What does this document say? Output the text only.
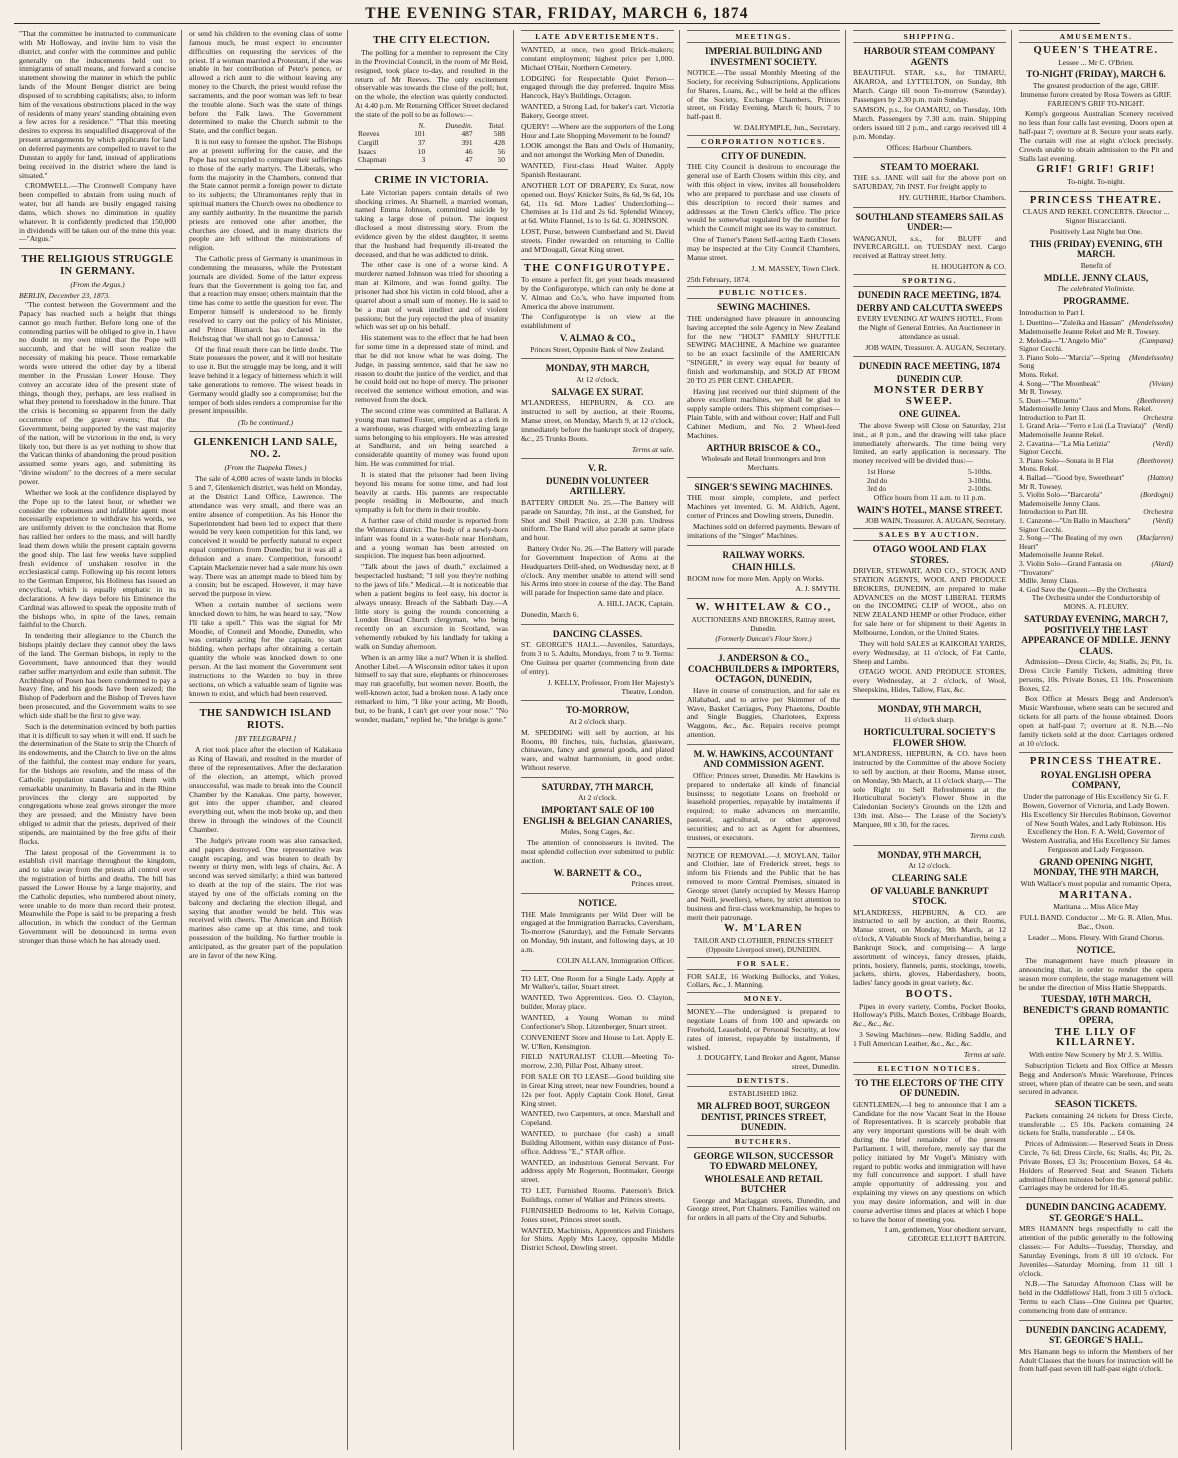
THE EVENING STAR, FRIDAY, MARCH 6, 1874

"That the committee be instructed to communicate with Mr Holloway, and invite him to visit the district, and confer with the committee and public generally on the inducements held out to immigrants of small means, and forward a concise statement showing the manner in which the public lands of the Mount Benger district are being disposed of to scrubbing capitalists; also, to inform him of the vexatious obstructions placed in the way of residents of many years' standing obtaining even a few acres for a residence." "That this meeting desires to express its unqualified disapproval of the present arrangements by which applicants for land on deferred payments are compelled to travel to the Dunstan to apply for land, instead of applications being received in the district where the land is situated."

CROMWELL.—The Cromwell Company have been compelled to abstain from using much of water, but all hands are busily engaged raising dams, which shows no diminution in quality whatever. It is confidently predicted that 150,000 in dividends will be taken out of the mine this year.—"Argus."

THE RELIGIOUS STRUGGLE IN GERMANY.
(From the Argus.)

BERLIN, December 23, 1873.

"The contest between the Government and the Papacy has reached such a height that things cannot go much further. Before long one of the contending parties will be obliged to give in. I have no doubt in my own mind that the Pope will succumb, and that he will soon realize the necessity of making his peace. Those remarkable words were uttered the other day by a liberal member in the Prussian Lower House. They convey an accurate idea of the present state of things, though they, perhaps, are less realised in what they pretend to foreshadow in the future. That the crisis is becoming so apparent from the daily occurrence of the graver events; that the Government, being supported by the vast majority of the nation, will be victorious in the end, is very likely too, but there is as yet nothing to show that the Vatican thinks of abandoning the proud position assumed some years ago, and submitting its "divine wisdom" to the decrees of a mere secular power.

Whether we look at the confidence displayed by the Pope up to the latest hour, or whether we consider the robustness and infallible agent most necessarily experience to withdraw his words, we are uniformly driven to the conclusion that Rome has rallied her orders to the mass, and will hardly lead them down while the present captain governs the good ship. The last few weeks have supplied fresh evidence of unshaken resolve in the ecclesiastical camp. Following up his recent letters to the German Emperor, his Holiness has issued an encyclical, which is equally emphatic in its declarations. A few days before his Eminence the Cardinal was allowed to speak the opposite truth of the bishops who, in spite of the laws, remain faithful to the Church.

In tendering their allegiance to the Church the bishops plainly declare they cannot obey the laws of the land. The German bishops, in reply to the Government, have announced that they would rather suffer martyrdom and exile than submit. The Archbishop of Posen has been condemned to pay a heavy fine, and his goods have been seized; the Bishop of Paderborn and the Bishop of Treves have been prosecuted, and the Government waits to see which side shall be the first to give way.

Such is the determination evinced by both parties that it is difficult to say when it will end. If such be the determination of the State to strip the Church of its endowments, and the Church to live on the alms of the faithful, the contest may endure for years, for the bishops are resolute, and the mass of the Catholic population stands behind them with remarkable unanimity. In Bavaria and in the Rhine provinces the clergy are supported by congregations whose zeal grows stronger the more they are pressed; and the Ministry have been obliged to admit that the priests, deprived of their stipends, are maintained by the free gifts of their flocks.

The latest proposal of the Government is to establish civil marriage throughout the kingdom, and to take away from the priests all control over the registration of births and deaths. The bill has passed the Lower House by a large majority, and the Catholic deputies, who numbered about ninety, were unable to do more than record their protest. Meanwhile the Pope is said to be preparing a fresh allocution, in which the conduct of the German Government will be denounced in terms even stronger than those which he has already used.

or send his children to the evening class of some famous much, he must expect to encounter difficulties on requesting the services of the priest. If a woman married a Protestant, if she was unable in her contribution of Peter's pence, or allowed a rich aunt to die without leaving any money to the Church, the priest would refuse the sacraments, and the poor woman was left to bear the trouble alone. Such was the state of things before the Falk laws. The Government determined to make the Church submit to the State, and the conflict began.

It is not easy to foresee the upshot. The Bishops are at present suffering for the cause, and the Pope has not scrupled to compare their sufferings to those of the early martyrs. The Liberals, who form the majority in the Chambers, contend that the State cannot permit a foreign power to dictate to its subjects; the Ultramontanes reply that in spiritual matters the Church owes no obedience to any earthly authority. In the meantime the parish priests are removed one after another, the churches are closed, and in many districts the people are left without the ministrations of religion.

The Catholic press of Germany is unanimous in condemning the measures, while the Protestant journals are divided. Some of the latter express fears that the Government is going too far, and that a reaction may ensue; others maintain that the time has come to settle the question for ever. The Emperor himself is understood to be firmly resolved to carry out the policy of his Minister, and Prince Bismarck has declared in the Reichstag that 'we shall not go to Canossa.'

Of the final result there can be little doubt. The State possesses the power, and it will not hesitate to use it. But the struggle may be long, and it will leave behind it a legacy of bitterness which it will take generations to remove. The wisest heads in Germany would gladly see a compromise; but the temper of both sides renders a compromise for the present impossible.

(To be continued.)
GLENKENICH LAND SALE, NO. 2.
(From the Tuapeka Times.)

The sale of 4,080 acres of waste lands in blocks 5 and 7, Glenkenich district, was held on Monday, at the District Land Office, Lawrence. The attendance was very small, and there was an entire absence of competition. As his Honor the Superintendent had been led to expect that there would be very keen competition for this land, we conceived it would be perfectly natural to expect equal competitors from Dunedin; but it was all a delusion and a snare. Competition, forsooth! Captain Mackenzie never had a sale more his own way. There was an attempt made to bleed him by a cousin; but he escaped. However, it may have served the purpose in view.

When a certain number of sections were knocked down to him, he was heard to say, "Now I'll take a spell." This was the signal for Mr Moodie, of Conneil and Moodie, Dunedin, who was certainly acting for the captain, to start bidding, when perhaps after obtaining a certain quantity the whole was knocked down to one person. At the last moment the Government sent instructions to the Warden to buy in three sections, on which a valuable seam of lignite was known to exist, and which had been reserved.

THE SANDWICH ISLAND RIOTS.
[BY TELEGRAPH.]

A riot took place after the election of Kalakaua as King of Hawaii, and resulted in the murder of three of the representatives. After the declaration of the election, an attempt, which proved unsuccessful, was made to break into the Council Chamber by the Kanakas. One party, however, got into the upper chamber, and cleared everything out, when the mob broke up, and then threw in through the windows of the Council Chamber.

The Judge's private room was also ransacked, and papers destroyed. One representative was caught escaping, and was beaten to death by twenty or thirty men, with legs of chairs, &c. A second was served similarly; a third was battered to death at the top of the stairs. The riot was stayed by one of the officials coming on the balcony and declaring the election illegal, and saying that another would be held. This was received with cheers. The American and British marines also came up at this time, and took possession of the building. No further trouble is anticipated, as the greater part of the population are in favor of the new King.

THE CITY ELECTION.

The polling for a member to represent the City in the Provincial Council, in the room of Mr Reid, resigned, took place to-day, and resulted in the return of Mr Reeves. The only excitement observable was towards the close of the poll; but, on the whole, the election was quietly conducted. At 4.40 p.m. Mr Returning Officer Street declared the state of the poll to be as follows:—

	N.	Dunedin.	Total.
Reeves	101	487	588
Cargill	37	391	428
Isaacs	10	46	56
Chapman	3	47	50
CRIME IN VICTORIA.

Late Victorian papers contain details of two shocking crimes. At Sharnell, a married woman, named Emma Johnson, committed suicide by taking a large dose of poison. The inquest disclosed a most distressing story. From the evidence given by the eldest daughter, it seems that the husband had frequently ill-treated the deceased, and that he was addicted to drink.

The other case is one of a worse kind. A murderer named Johnson was tried for shooting a man at Kilmore, and was found guilty. The prisoner had shot his victim in cold blood, after a quarrel about a small sum of money. He is said to be a man of weak intellect and of violent passions; but the jury rejected the plea of insanity which was set up on his behalf.

His statement was to the effect that he had been for some time in a depressed state of mind, and that he did not know what he was doing. The Judge, in passing sentence, said that he saw no reason to doubt the justice of the verdict, and that he could hold out no hope of mercy. The prisoner received the sentence without emotion, and was removed from the dock.

The second crime was committed at Ballarat. A young man named Foster, employed as a clerk in a warehouse, was charged with embezzling large sums belonging to his employers. He was arrested at Sandhurst, and on being searched a considerable quantity of money was found upon him. He was committed for trial.

It is stated that the prisoner had been living beyond his means for some time, and had lost heavily at cards. His parents are respectable people residing in Melbourne, and much sympathy is felt for them in their trouble.

A further case of child murder is reported from the Wimmera district. The body of a newly-born infant was found in a water-hole near Horsham, and a young woman has been arrested on suspicion. The inquest has been adjourned.

"Talk about the jaws of death," exclaimed a bespectacled husband; "I tell you they're nothing to the jaws of life." Medical.—It is noticeable that when a patient begins to feel easy, his doctor is always uneasy. Breach of the Sabbath Day.—A little story is going the rounds concerning a London Broad Church clergyman, who being recently on an excursion in Scotland, was vehemently rebuked by his landlady for taking a walk on Sunday afternoon.

When is an army like a nut? When it is shelled. Another Libel.—A Wisconsin editor takes it upon himself to say that sure, elephants or rhinoceroses may run gracefully, but women never. Booth, the well-known actor, had a broken nose. A lady once remarked to him, "I like your acting, Mr Booth, but, to be frank, I can't get over your nose." "No wonder, madam," replied he, "the bridge is gone."

LATE ADVERTISEMENTS.

WANTED, at once, two good Brick-makers; constant employment; highest price per 1,000. Michael O'Hair, Northern Cemetery.

LODGING for Respectable Quiet Person—engaged through the day preferred. Inquire Miss Hancock, Hay's Buildings, Octagon.

WANTED, a Strong Lad, for baker's cart. Victoria Bakery, George street.

QUERY! —Where are the supporters of the Long Hour and Late Shopping Movement to be found?

LOOK amongst the Bats and Owls of Humanity, and not amongst the Working Men of Dunedin.

WANTED, First-class Head Waiter. Apply Spanish Restaurant.

ANOTHER LOT OF DRAPERY, Ex Surat, now opened out. Boys' Knicker Suits, 8s 6d, 9s 6d, 10s 6d, 11s 6d. More Ladies' Underclothing—Chemises at 1s 11d and 2s 6d. Splendid Wincey, at 6d. White Flannel, 1s to 1s 6d. G. JOHNSON.

LOST, Purse, between Cumberland and St. David streets. Finder rewarded on returning to Collie and M'Dougall, Great King street.

THE CONFIGUROTYPE.

To ensure a perfect fit, get your heads measured by the Configurotype, which can only be done at V. Almao and Co.'s, who have imported from America the above instrument.

The Configurotype is on view at the establishment of

V. ALMAO & CO.,

Princes Street, Opposite Bank of New Zealand.

MONDAY, 9TH MARCH,

At 12 o'clock,

SALVAGE EX SURAT.

M'LANDRESS, HEPBURN, & CO. are instructed to sell by auction, at their Rooms, Manse street, on Monday, March 9, at 12 o'clock, immediately before the bankrupt stock of drapery, &c., 25 Trunks Boots.

Terms at sale.

V. R.
DUNEDIN VOLUNTEER ARTILLERY.

BATTERY ORDER No. 25.—The Battery will parade on Saturday, 7th inst., at the Gunshed, for Shot and Shell Practice, at 2.30 p.m. Undress uniform. The Band will also parade at same place and hour.

Battery Order No. 26.—The Battery will parade for Government Inspection of Arms at the Headquarters Drill-shed, on Wednesday next, at 8 o'clock. Any member unable to attend will send his Arms into store in course of the day. The Band will parade for Inspection same date and place.

A. HILL JACK, Captain.

Dunedin, March 6.

DANCING CLASSES.

ST. GEORGE'S HALL.—Juveniles, Saturdays, from 3 to 5. Adults, Mondays, from 7 to 9. Terms: One Guinea per quarter (commencing from date of entry).

J. KELLY, Professor, From Her Majesty's Theatre, London.

TO-MORROW,

At 2 o'clock sharp.

M. SPEDDING will sell by auction, at his Rooms, 80 finches, tuis, fuchsias, glassware, chinaware, fancy and general goods, and plated ware, and walnut harmonium, in good order. Without reserve.

SATURDAY, 7TH MARCH,

At 2 o'clock.

IMPORTANT SALE OF 100 ENGLISH & BELGIAN CANARIES,

Mules, Song Cages, &c.

The attention of connoisseurs is invited. The most splendid collection ever submitted to public auction.

W. BARNETT & CO.,

Princes street.

NOTICE.

THE Male Immigrants per Wild Deer will be engaged at the Immigration Barracks, Caversham, To-morrow (Saturday), and the Female Servants on Monday, 9th instant, and following days, at 10 a.m.

COLIN ALLAN, Immigration Officer.

TO LET, One Room for a Single Lady. Apply at Mr Walker's, tailor, Stuart street.

WANTED, Two Apprentices. Geo. O. Clayton, builder, Moray place.

WANTED, a Young Woman to mind Confectioner's Shop. Litzenberger, Stuart street.

CONVENIENT Store and House to Let. Apply E. W. U'Ren, Kensington.

FIELD NATURALIST CLUB.—Meeting To-morrow, 2.30, Pillar Post, Albany street.

FOR SALE OR TO LEASE—Good building site in Great King street, near new Foundries, bound a 12s per foot. Apply Captain Cook Hotel, Great King street.

WANTED, two Carpenters, at once. Marshall and Copeland.

WANTED, to purchase (for cash) a small Building Allotment, within easy distance of Post-office. Address "E.," STAR office.

WANTED, an industrious General Servant. For address apply Mr Rogerson, Bootmaker, George street.

TO LET, Furnished Rooms. Paterson's Brick Buildings, corner of Walker and Princes streets.

FURNISHED Bedrooms to let, Kelvin Cottage, Jones street, Princes street south.

WANTED, Machinists, Apprentices and Finishers for Shirts. Apply Mrs Lacey, opposite Middle District School, Dowling street.

MEETINGS.
IMPERIAL BUILDING AND INVESTMENT SOCIETY.

NOTICE.—The usual Monthly Meeting of the Society, for receiving Subscriptions, Applications for Shares, Loans, &c., will be held at the offices of the Society, Exchange Chambers, Princes street, on Friday Evening, March 6; hours, 7 to half-past 8.

W. DALRYMPLE, Jun., Secretary.

CORPORATION NOTICES.
CITY OF DUNEDIN.

THE City Council is desirous to encourage the general use of Earth Closets within this city, and with this object in view, invites all householders who are prepared to purchase and use closets of this description to record their names and addresses at the Town Clerk's office. The price would be somewhat regulated by the number for which the Council might see its way to construct.

One of Turner's Patent Self-acting Earth Closets may be inspected at the City Council Chambers, Manse street.

J. M. MASSEY, Town Clerk.

25th February, 1874.

PUBLIC NOTICES.
SEWING MACHINES.

THE undersigned have pleasure in announcing having accepted the sole Agency in New Zealand for the new "HOLT" FAMILY SHUTTLE SEWING MACHINE, A Machine we guarantee to be an exact facsimile of the AMERICAN "SINGER," in every way equal for beauty of finish and workmanship, and SOLD AT FROM 20 TO 25 PER CENT. CHEAPER.

Having just received our third shipment of the above excellent machines, we shall be glad to supply sample orders. This shipment comprises—Plain Table, with and without cover; Half and Full Cabinet Medium, and No. 2 Wheel-feed Machines.

ARTHUR BRISCOE & CO.,

Wholesale and Retail Ironmongers and Iron Merchants.

SINGER'S SEWING MACHINES.

THE most simple, complete, and perfect Machines yet invented. G. M. Aldrich, Agent, corner of Princes and Dowling streets, Dunedin.

Machines sold on deferred payments. Beware of imitations of the "Singer" Machines.

RAILWAY WORKS.
CHAIN HILLS.

ROOM now for more Men. Apply on Works.

A. J. SMYTH.

W. WHITELAW & CO.,

AUCTIONEERS AND BROKERS, Rattray street, Dunedin.

(Formerly Duncan's Flour Store.)

J. ANDERSON & CO., COACHBUILDERS & IMPORTERS, OCTAGON, DUNEDIN,

Have in course of construction, and for sale ex Allahabad, and to arrive per Skimmer of the Wave, Basket Carriages, Pony Phaetons, Double and Single Buggies, Chariotees, Express Waggons, &c., &c. Repairs receive prompt attention.

M. W. HAWKINS, ACCOUNTANT AND COMMISSION AGENT.

Office: Princes street, Dunedin. Mr Hawkins is prepared to undertake all kinds of financial business; to negotiate Loans on freehold or leasehold properties, repayable by instalments if required; to make advances on mercantile, pastoral, agricultural, or other approved securities; and to act as Agent for absentees, trustees, or executors.

NOTICE OF REMOVAL.—J. MOYLAN, Tailor and Clothier, late of Frederick street, begs to inform his Friends and the Public that he has removed to more Central Premises, situated in George street (lately occupied by Messrs Harrop and Neill, jewellers), where, by strict attention to business and first-class workmanship, he hopes to merit their patronage.

W. M'LAREN

TAILOR AND CLOTHIER, PRINCES STREET (Opposite Liverpool street), DUNEDIN.

FOR SALE.

FOR SALE, 16 Working Bullocks, and Yokes, Collars, &c., J. Manning.

MONEY.

MONEY.—The undersigned is prepared to negotiate Loans of from 100 and upwards on Freehold, Leasehold, or Personal Security, at low rates of interest, repayable by instalments, if wished.

J. DOUGHTY, Land Broker and Agent, Manse street, Dunedin.

DENTISTS.

ESTABLISHED 1862.

MR ALFRED BOOT, SURGEON DENTIST, PRINCES STREET, DUNEDIN.
BUTCHERS.
GEORGE WILSON, SUCCESSOR TO EDWARD MELONEY,
WHOLESALE AND RETAIL BUTCHER

George and Maclaggan streets, Dunedin, and George street, Port Chalmers. Families waited on for orders in all parts of the City and Suburbs.

SHIPPING.
HARBOUR STEAM COMPANY AGENTS

BEAUTIFUL STAR, s.s., for TIMARU, AKAROA, and LYTTELTON, on Sunday, 8th March. Cargo till noon To-morrow (Saturday). Passengers by 2.30 p.m. train Sunday.

SAMSON, p.s., for OAMARU, on Tuesday, 10th March. Passengers by 7.30 a.m. train. Shipping orders issued till 2 p.m., and cargo received till 4 p.m. Monday.

Offices: Harbour Chambers.

STEAM TO MOERAKI.

THE s.s. JANE will sail for the above port on SATURDAY, 7th INST. For freight apply to

HY. GUTHRIE, Harbor Chambers.

SOUTHLAND STEAMERS SAIL AS UNDER:—

WANGANUI, s.s., for BLUFF and INVERCARGILL on TUESDAY next. Cargo received at Rattray street Jetty.

H. HOUGHTON & CO.

SPORTING.
DUNEDIN RACE MEETING, 1874.
DERBY AND CALCUTTA SWEEPS

EVERY EVENING AT WAIN'S HOTEL, From the Night of General Entries. An Auctioneer in attendance as usual.

JOB WAIN, Treasurer. A. AUGAN, Secretary.

DUNEDIN RACE MEETING, 1874
DUNEDIN CUP.
MONSTER DERBY SWEEP.
ONE GUINEA.

The above Sweep will Close on Saturday, 21st inst., at 8 p.m., and the drawing will take place immediately afterwards. The time being very limited, an early application is necessary. The money received will be divided thus:—

1st Horse	5-10ths.
2nd do	3-10ths.
3rd do	2-10ths.

Office hours from 11 a.m. to 11 p.m.

WAIN'S HOTEL, MANSE STREET.

JOB WAIN, Treasurer. A. AUGAN, Secretary.

SALES BY AUCTION.
OTAGO WOOL AND FLAX STORES.

DRIVER, STEWART, AND CO., STOCK AND STATION AGENTS, WOOL AND PRODUCE BROKERS, DUNEDIN, are prepared to make ADVANCES on the MOST LIBERAL TERMS on the INCOMING CLIP of WOOL, also on NEW ZEALAND HEMP or other Produce, either for sale here or for shipment to their Agents in Melbourne, London, or the United States.

They will hold SALES at KAIKORAI YARDS, every Wednesday, at 11 o'clock, of Fat Cattle, Sheep and Lambs.

OTAGO WOOL AND PRODUCE STORES, every Wednesday, at 2 o'clock, of Wool, Sheepskins, Hides, Tallow, Flax, &c.

MONDAY, 9TH MARCH,

11 o'clock sharp.

HORTICULTURAL SOCIETY'S FLOWER SHOW.

M'LANDRESS, HEPBURN, & CO. have been instructed by the Committee of the above Society to sell by auction, at their Rooms, Manse street, on Monday, 9th March, at 11 o'clock sharp,— The sole Right to Sell Refreshments at the Horticultural Society's Flower Show in the Caledonian Society's Grounds on the 12th and 13th inst. Also— The Lease of the Society's Marquee, 80 x 30, for the races.

Terms cash.

MONDAY, 9TH MARCH,

At 12 o'clock.

CLEARING SALE
OF VALUABLE BANKRUPT STOCK.

M'LANDRESS, HEPBURN, & CO. are instructed to sell by auction, at their Rooms, Manse street, on Monday, 9th March, at 12 o'clock, A Valuable Stock of Merchandise, being a Bankrupt Stock, and comprising— A large assortment of winceys, fancy dresses, plaids, prints, hosiery, flannels, pants, stockings, towels, jackets, shirts, gloves, Haberdashery, boots, ladies' fancy goods in great variety, &c.

BOOTS.

Pipes in every variety, Combs, Pocket Books, Holloway's Pills, Match Boxes, Cribbage Boards, &c., &c., &c.

3 Sewing Machines—new. Riding Saddle, and 1 Full American Leather, &c., &c., &c.

Terms at sale.

ELECTION NOTICES.
TO THE ELECTORS OF THE CITY OF DUNEDIN.

GENTLEMEN,—I beg to announce that I am a Candidate for the now Vacant Seat in the House of Representatives. It is scarcely probable that any very important questions will be dealt with during the brief remainder of the present Parliament. I will, therefore, merely say that the policy initiated by Mr Vogel's Ministry with regard to public works and immigration will have my full concurrence and support. I shall have ample opportunity of addressing you and explaining my views on any questions on which you may desire information, and will in due course advertise times and places at which I hope to have the honor of meeting you.

I am, gentlemen, Your obedient servant, GEORGE ELLIOTT BARTON.

AMUSEMENTS.
QUEEN'S THEATRE.

Lessee ... Mr C. O'Brien.

TO-NIGHT (FRIDAY), MARCH 6.

The greatest production of the age, GRIF. Immense furore created by Rosa Towers as GRIF. FARJEON'S GRIF TO-NIGHT.

Kemp's gorgeous Australian Scenery received no less than four calls last evening. Doors open at half-past 7; overture at 8. Secure your seats early. The curtain will rise at eight o'clock precisely. Crowds unable to obtain admission to the Pit and Stalls last evening.

GRIF! GRIF! GRIF!

To-night. To-night.

PRINCESS THEATRE.

CLAUS AND REKEL CONCERTS. Director ... Signor Biscaccianti.

Positively Last Night but One.

THIS (FRIDAY) EVENING, 6TH MARCH.

Benefit of

MDLLE. JENNY CLAUS,

The celebrated Violiniste.

PROGRAMME.

Introduction to Part I.

1. Duettino—"Zuleika and Hassan" (Mendelssohn)
Mademoiselle Jeanne Rekel and Mr R. Towsey.
2. Melodia—"L'Angelo Mio"	(Campana)
Signor Cecchi.
3. Piano Solo—"Marcia"—Spring Song
(Mendelssohn)
Mons. Rekel.
4. Song—"The Moonbeak"	(Vivian)
Mr R. Towsey.
5. Duet—"Minuetto"	(Beethoven)
Mademoiselle Jenny Claus and Mons. Rekel.
Introduction to Part II.	Orchestra
1. Grand Aria—"Ferro e Lui (La Traviata)" (Verdi)
Mademoiselle Jeanne Rekel.
2. Cavatina—"La Mia Letizia"	(Verdi)
Signor Cecchi.
3. Piano Solo—Sonata in B Flat	(Beethoven)
Mons. Rekel.
4. Ballad—"Good bye, Sweetheart"	(Hatton)
Mr R. Towsey.
5. Violin Solo—"Barcarola"	(Bordogni)
Mademoiselle Jenny Claus.
Introduction to Part III.	Orchestra
1. Canzone—"Un Ballo in Maschera"	(Verdi)
Signor Cecchi.
2. Song—"The Beating of my own Heart"
(Macfarren)
Mademoiselle Jeanne Rekel.
3. Violin Solo—Grand Fantasia on "Trovatore"
(Alard)
Mdlle. Jenny Claus.
4. God Save the Queen.—By the Orchestra

The Orchestra under the Conductorship of MONS. A. FLEURY.

SATURDAY EVENING, MARCH 7, POSITIVELY THE LAST APPEARANCE OF MDLLE. JENNY CLAUS.

Admission—Dress Circle, 4s; Stalls, 2s; Pit, 1s. Dress Circle Family Tickets, admitting three persons, 10s. Private Boxes, £1 10s. Proscenium Boxes, £2.

Box Office at Messrs Begg and Anderson's Music Warehouse, where seats can be secured and tickets for all parts of the house obtained. Doors open at half-past 7; overture at 8. N.B.—No family tickets sold at the door. Carriages ordered at 10 o'clock.

PRINCESS THEATRE.
ROYAL ENGLISH OPERA COMPANY,

Under the patronage of His Excellency Sir G. F. Bowen, Governor of Victoria, and Lady Bowen. His Excellency Sir Hercules Robinson, Governor of New South Wales, and Lady Robinson. His Excellency the Hon. F. A. Weld, Governor of Western Australia, and His Excellency Sir James Fergusson and Lady Fergusson.

GRAND OPENING NIGHT, MONDAY, THE 9TH MARCH,

With Wallace's most popular and romantic Opera,

MARITANA.

Maritana ... Miss Alice May

FULL BAND. Conductor ... Mr G. R. Allen, Mus. Bac., Oxon.

Leader ... Mons. Fleury. With Grand Chorus.

NOTICE.

The management have much pleasure in announcing that, in order to render the opera season more complete, the stage management will be under the direction of Miss Hattie Sheppards.

TUESDAY, 10TH MARCH, BENEDICT'S GRAND ROMANTIC OPERA,
THE LILY OF KILLARNEY.

With entire New Scenery by Mr J. S. Willis.

Subscription Tickets and Box Office at Messrs Begg and Anderson's Music Warehouse, Princes street, where plan of theatre can be seen, and seats secured in advance.

SEASON TICKETS.

Packets containing 24 tickets for Dress Circle, transferable ... £5 10s. Packets containing 24 tickets for Stalls, transferable ... £4 0s.

Prices of Admission:— Reserved Seats in Dress Circle, 7s 6d; Dress Circle, 6s; Stalls, 4s; Pit, 2s. Private Boxes, £3 3s; Proscenium Boxes, £4 4s. Holders of Reserved Seat and Season Tickets admitted fifteen minutes before the general public. Carriages may be ordered for 10.45.

DUNEDIN DANCING ACADEMY. ST. GEORGE'S HALL.

MRS HAMANN begs respectfully to call the attention of the public generally to the following classes:— For Adults—Tuesday, Thursday, and Saturday Evenings, from 8 till 10 o'clock. For Juveniles—Saturday Morning, from 11 till 1 o'clock.

N.B.—The Saturday Afternoon Class will be held in the Oddfellows' Hall, from 3 till 5 o'clock. Terms to each Class—One Guinea per Quarter, commencing from date of entrance.

DUNEDIN DANCING ACADEMY, ST. GEORGE'S HALL.

Mrs Hamann begs to inform the Members of her Adult Classes that the hours for instruction will be from half-past seven till half-past eight o'clock.
